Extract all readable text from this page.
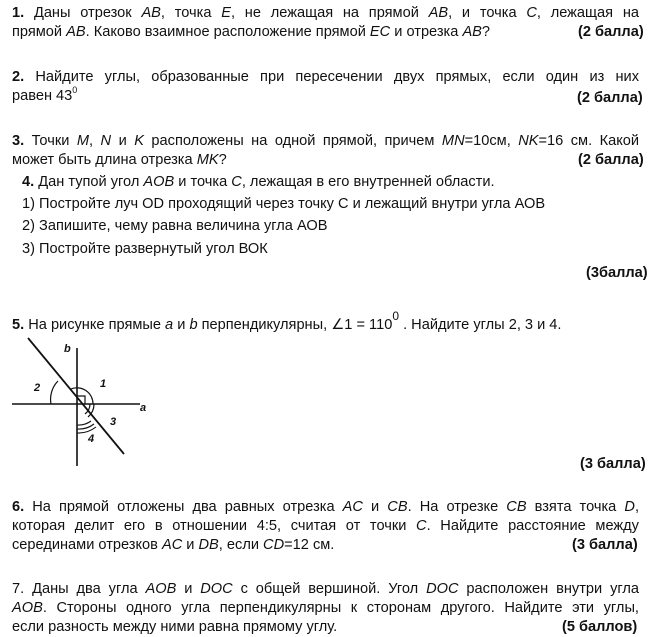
1. Даны отрезок AB, точка E, не лежащая на прямой AB, и точка C, лежащая на
прямой AB. Каково взаимное расположение прямой EC и отрезка AB?	(2 балла)
2. Найдите углы, образованные при пересечении двух прямых, если один из них
равен $43^0$	(2 балла)
3. Точки M, N и K расположены на одной прямой, причем MN=10см, NK=16 см. Какой
может быть длина отрезка MK?	(2 балла)
4. Дан тупой угол AOB и точка C, лежащая в его внутренней области.
1) Постройте луч OD проходящий через точку С и лежащий внутри угла АОВ
2) Запишите, чему равна величина угла АОВ
3) Постройте развернутый угол ВОК
(3балла)
5. На рисунке прямые a и b перпендикулярны, ∠1 = $110^0$ . Найдите углы 2, 3 и 4.
b
a
1
2
3
4
(3 балла)
6. На прямой отложены два равных отрезка AC и CB. На отрезке CB взята точка D,
которая делит его в отношении 4:5, считая от точки C. Найдите расстояние между
серединами отрезков AC и DB, если CD=12 см.	(3 балла)
7. Даны два угла AOB и DOC с общей вершиной. Угол DOC расположен внутри угла
AOB. Стороны одного угла перпендикулярны к сторонам другого. Найдите эти углы,
если разность между ними равна прямому углу.	(5 баллов)
